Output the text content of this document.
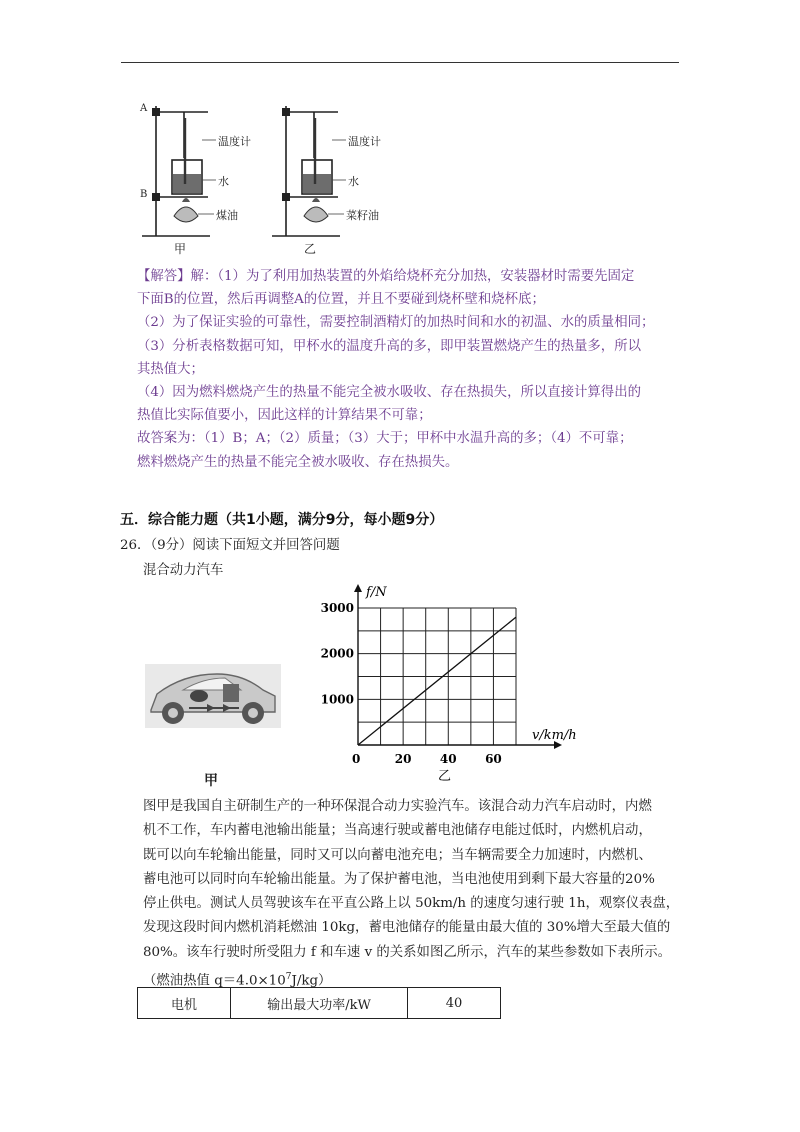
A
B
温度计
水
煤油
甲
温度计
水
菜籽油
乙

【解答】解：（1）为了利用加热装置的外焰给烧杯充分加热，安装器材时需要先固定

下面B的位置，然后再调整A的位置，并且不要碰到烧杯壁和烧杯底；

（2）为了保证实验的可靠性，需要控制酒精灯的加热时间和水的初温、水的质量相同；

（3）分析表格数据可知，甲杯水的温度升高的多，即甲装置燃烧产生的热量多，所以

其热值大；

（4）因为燃料燃烧产生的热量不能完全被水吸收、存在热损失，所以直接计算得出的

热值比实际值要小，因此这样的计算结果不可靠；

故答案为：（1）B；A；（2）质量；（3）大于；甲杯中水温升高的多；（4）不可靠；

燃料燃烧产生的热量不能完全被水吸收、存在热损失。

五．综合能力题（共1小题，满分9分，每小题9分）
26．（9分）阅读下面短文并回答问题
混合动力汽车
甲
f/N
v/km/h
20 40 60
1000
2000
3000
0
乙

图甲是我国自主研制生产的一种环保混合动力实验汽车。该混合动力汽车启动时，内燃

机不工作，车内蓄电池输出能量；当高速行驶或蓄电池储存电能过低时，内燃机启动，

既可以向车轮输出能量，同时又可以向蓄电池充电；当车辆需要全力加速时，内燃机、

蓄电池可以同时向车轮输出能量。为了保护蓄电池，当电池使用到剩下最大容量的20%

停止供电。测试人员驾驶该车在平直公路上以 50km/h 的速度匀速行驶 1h，观察仪表盘，

发现这段时间内燃机消耗燃油 10kg，蓄电池储存的能量由最大值的 30%增大至最大值的

80%。该车行驶时所受阻力 f 和车速 v 的关系如图乙所示，汽车的某些参数如下表所示。

（燃油热值 $q=4.0\times 10^7J/kg$）

电机	输出最大功率/kW	40
